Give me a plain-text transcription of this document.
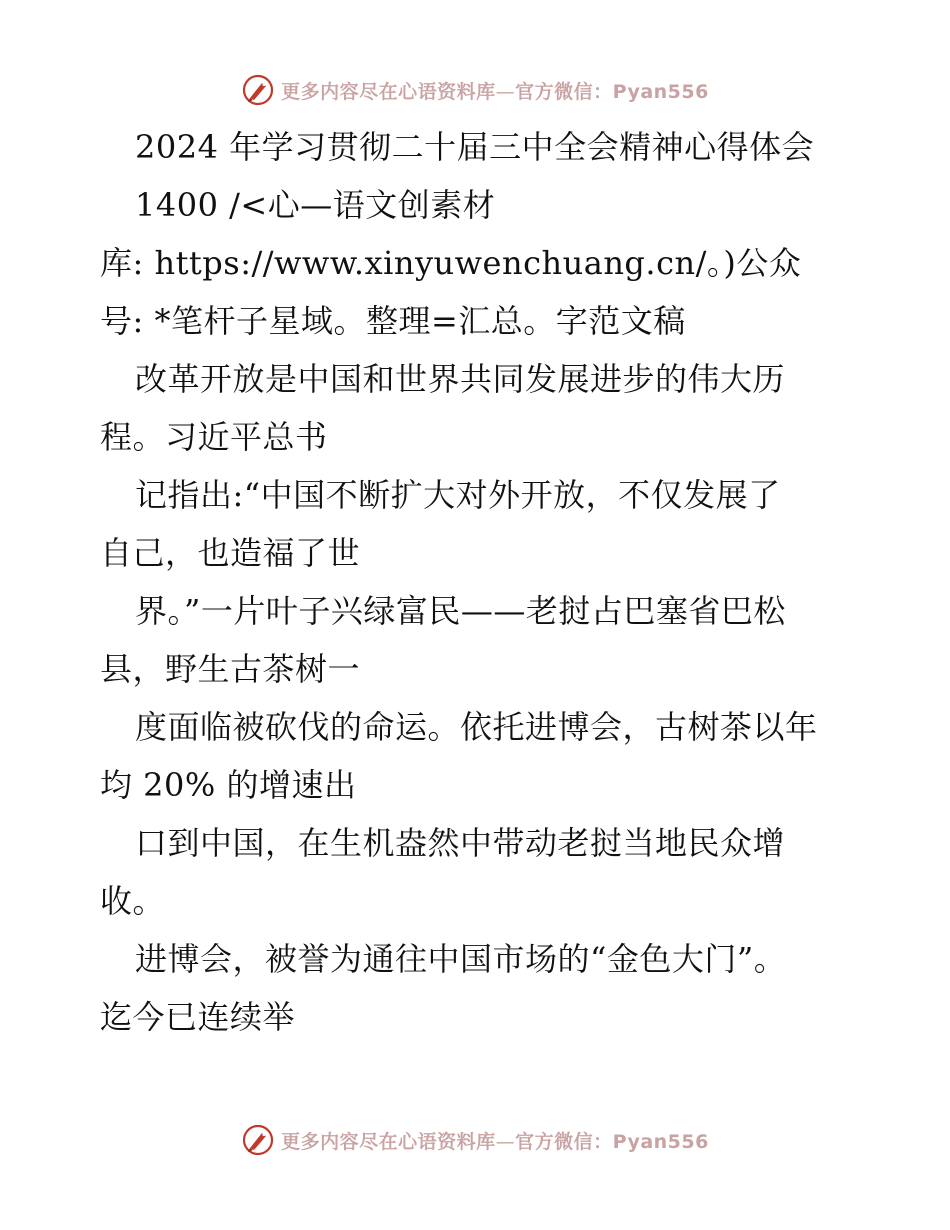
更多内容尽在心语资料库—官方微信：Pyan556
2024 年学习贯彻二十届三中全会精神心得体会
1400 /<心—语文创素材
库: https://www.xinyuwenchuang.cn/。)公众
号: *笔杆子星域。整理=汇总。字范文稿
改革开放是中国和世界共同发展进步的伟大历
程。习近平总书
记指出:“中国不断扩大对外开放，不仅发展了
自己，也造福了世
界。”一片叶子兴绿富民——老挝占巴塞省巴松
县，野生古茶树一
度面临被砍伐的命运。依托进博会，古树茶以年
均 20% 的增速出
口到中国，在生机盎然中带动老挝当地民众增
收。
进博会，被誉为通往中国市场的“金色大门”。
迄今已连续举
更多内容尽在心语资料库—官方微信：Pyan556
